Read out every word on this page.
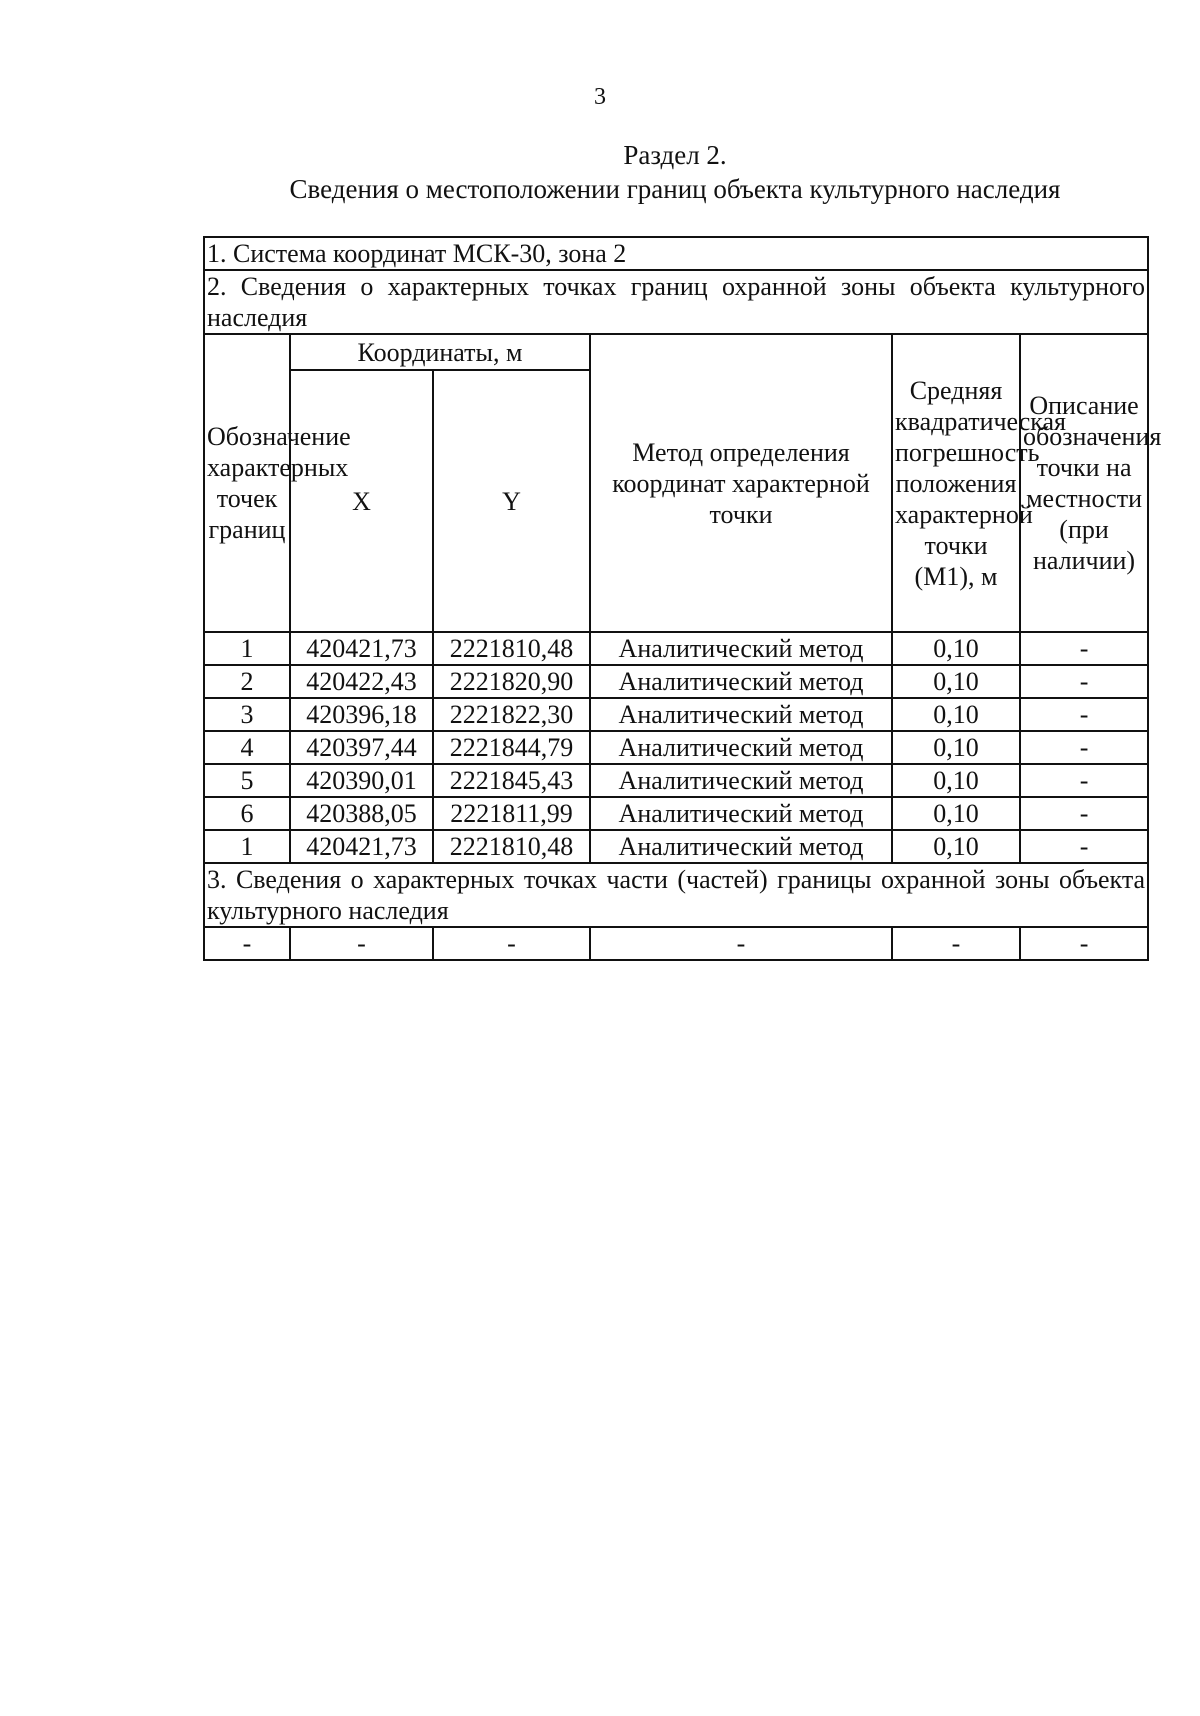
3
Раздел 2.
Сведения о местоположении границ объекта культурного наследия
1. Система координат МСК-30, зона 2					
2. Сведения о характерных точках границ охранной зоны объекта культурного наследия					
Обозначение характерных точек границ	Координаты, м		Метод определения координат характерной точки	Средняя квадратическая погрешность положения характерной точки (M1), м	Описание обозначения точки на местности (при наличии)
	X	Y			
1	420421,73	2221810,48	Аналитический метод	0,10	-
2	420422,43	2221820,90	Аналитический метод	0,10	-
3	420396,18	2221822,30	Аналитический метод	0,10	-
4	420397,44	2221844,79	Аналитический метод	0,10	-
5	420390,01	2221845,43	Аналитический метод	0,10	-
6	420388,05	2221811,99	Аналитический метод	0,10	-
1	420421,73	2221810,48	Аналитический метод	0,10	-
3. Сведения о характерных точках части (частей) границы охранной зоны объекта культурного наследия					
-	-	-	-	-	-
